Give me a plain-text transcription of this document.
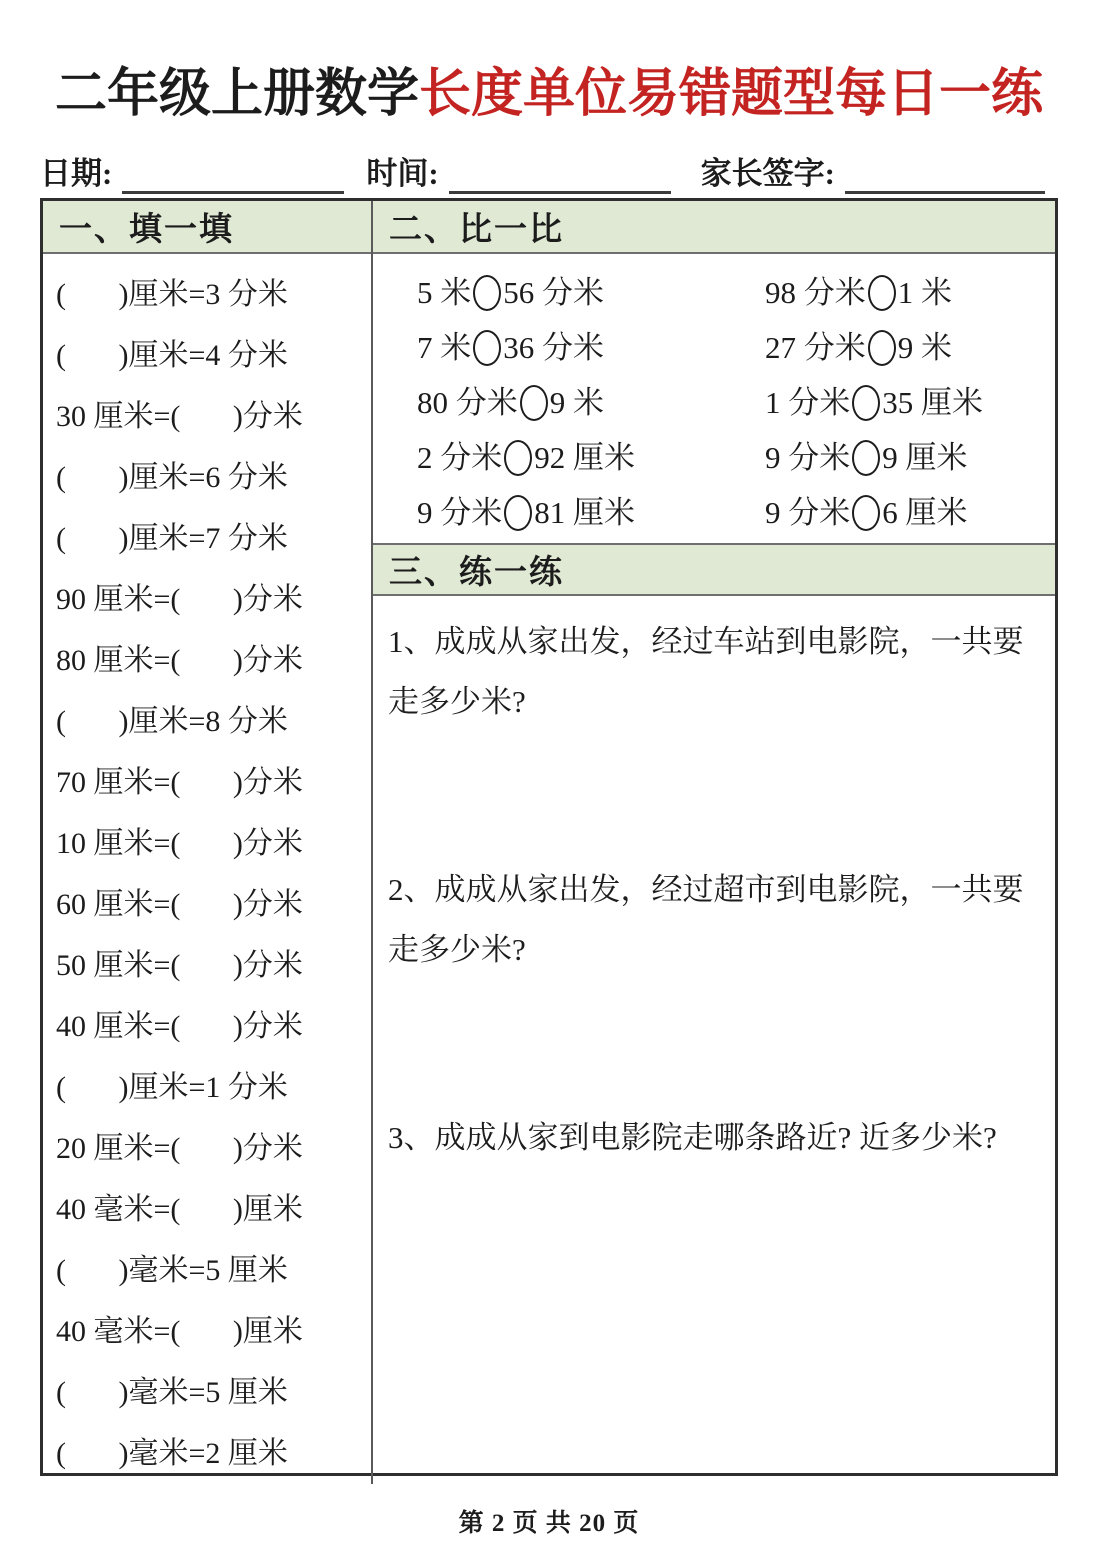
二年级上册数学长度单位易错题型每日一练
日期:	时间:	家长签字:
一、填一填
(       )厘米=3 分米
(       )厘米=4 分米
30 厘米=(       )分米
(       )厘米=6 分米
(       )厘米=7 分米
90 厘米=(       )分米
80 厘米=(       )分米
(       )厘米=8 分米
70 厘米=(       )分米
10 厘米=(       )分米
60 厘米=(       )分米
50 厘米=(       )分米
40 厘米=(       )分米
(       )厘米=1 分米
20 厘米=(       )分米
40 毫米=(       )厘米
(       )毫米=5 厘米
40 毫米=(       )厘米
(       )毫米=5 厘米
(       )毫米=2 厘米
二、比一比
5 米 56 分米	98 分米 1 米
7 米 36 分米	27 分米 9 米
80 分米 9 米	1 分米 35 厘米
2 分米 92 厘米	9 分米 9 厘米
9 分米 81 厘米	9 分米 6 厘米
三、练一练

1、成成从家出发，经过车站到电影院，一共要走多少米?

2、成成从家出发，经过超市到电影院，一共要走多少米?

3、成成从家到电影院走哪条路近? 近多少米?

第 2 页 共 20 页
